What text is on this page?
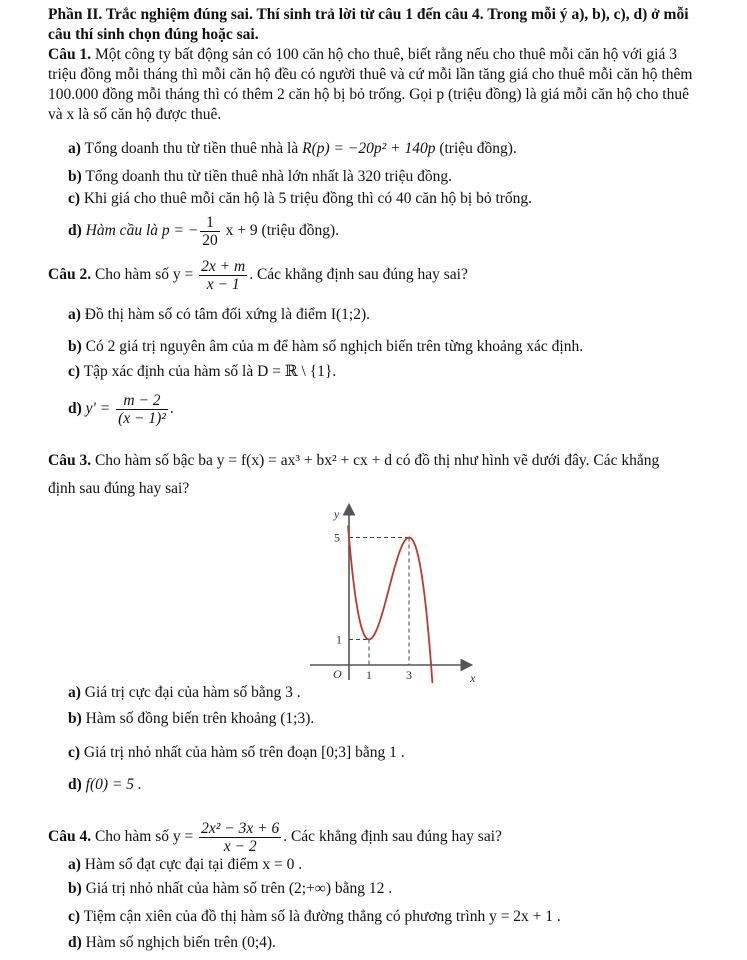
Phần II. Trắc nghiệm đúng sai. Thí sinh trả lời từ câu 1 đến câu 4. Trong mỗi ý a), b), c), d) ở mỗi
câu thí sinh chọn đúng hoặc sai.
Câu 1. Một công ty bất động sản có 100 căn hộ cho thuê, biết rằng nếu cho thuê mỗi căn hộ với giá 3
triệu đồng mỗi tháng thì mỗi căn hộ đều có người thuê và cứ mỗi lần tăng giá cho thuê mỗi căn hộ thêm
100.000 đồng mỗi tháng thì có thêm 2 căn hộ bị bỏ trống. Gọi p (triệu đồng) là giá mỗi căn hộ cho thuê
và x là số căn hộ được thuê.
a) Tổng doanh thu từ tiền thuê nhà là R(p) = −20p² + 140p (triệu đồng).
b) Tổng doanh thu từ tiền thuê nhà lớn nhất là 320 triệu đồng.
c) Khi giá cho thuê mỗi căn hộ là 5 triệu đồng thì có 40 căn hộ bị bỏ trống.
d) Hàm cầu là p = − $\frac{1}{20}$ x + 9 (triệu đồng).
Câu 2. Cho hàm số $y = \frac{2x + m}{x - 1}$ . Các khẳng định sau đúng hay sai?
a) Đồ thị hàm số có tâm đối xứng là điểm I(1;2).
b) Có 2 giá trị nguyên âm của m để hàm số nghịch biến trên từng khoảng xác định.
c) Tập xác định của hàm số là D = ℝ \ {1}.
d) $y' = \frac{m - 2}{\text{(x − 1)²}}$ .
Câu 3. Cho hàm số bậc ba y = f(x) = ax³ + bx² + cx + d có đồ thị như hình vẽ dưới đây. Các khẳng
định sau đúng hay sai?
y
x
O
5
1
1	3
a) Giá trị cực đại của hàm số bằng 3 .
b) Hàm số đồng biến trên khoảng (1;3).
c) Giá trị nhỏ nhất của hàm số trên đoạn [0;3] bằng 1 .
d) f(0) = 5 .
Câu 4. Cho hàm số $y = \frac{\text{2x² − 3x + 6}}{x - 2}$ . Các khẳng định sau đúng hay sai?
a) Hàm số đạt cực đại tại điểm x = 0 .
b) Giá trị nhỏ nhất của hàm số trên (2;+∞) bằng 12 .
c) Tiệm cận xiên của đồ thị hàm số là đường thẳng có phương trình y = 2x + 1 .
d) Hàm số nghịch biến trên (0;4).
